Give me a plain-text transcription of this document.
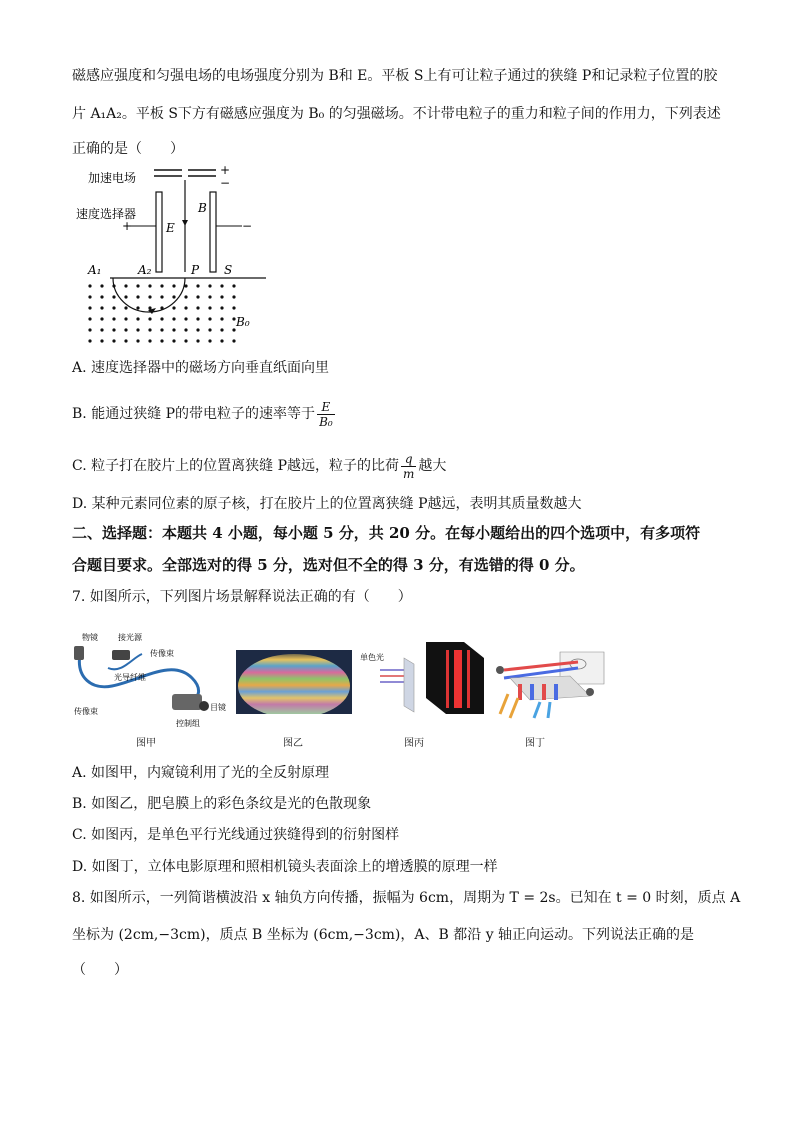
磁感应强度和匀强电场的电场强度分别为 B和 E。平板 S上有可让粒子通过的狭缝 P和记录粒子位置的胶
片 A₁A₂。平板 S下方有磁感应强度为 B₀ 的匀强磁场。不计带电粒子的重力和粒子间的作用力，下列表述
正确的是（　　）
+
−
加速电场
+	−
速度选择器	B
E
A₁	A₂	P S
B₀
A. 速度选择器中的磁场方向垂直纸面向里
B. 能通过狭缝 P的带电粒子的速率等于 $\frac{E}{\text{B₀}}$
C. 粒子打在胶片上的位置离狭缝 P越远，粒子的比荷 $\frac{q}{m}$ 越大
D. 某种元素同位素的原子核，打在胶片上的位置离狭缝 P越远，表明其质量数越大
二、选择题：本题共 4 小题，每小题 5 分，共 20 分。在每小题给出的四个选项中，有多项符
合题目要求。全部选对的得 5 分，选对但不全的得 3 分，有选错的得 0 分。
7. 如图所示，下列图片场景解释说法正确的有（　　）
物镜	接光源
传像束
光导纤维
传像束	目镜
控制组
图甲	图乙
单色光
图丙	图丁
A. 如图甲，内窥镜利用了光的全反射原理
B. 如图乙，肥皂膜上的彩色条纹是光的色散现象
C. 如图丙，是单色平行光线通过狭缝得到的衍射图样
D. 如图丁，立体电影原理和照相机镜头表面涂上的增透膜的原理一样
8. 如图所示，一列简谐横波沿 x 轴负方向传播，振幅为 6cm，周期为 T = 2s。已知在 t = 0 时刻，质点 A
坐标为 (2cm,−3cm)，质点 B 坐标为 (6cm,−3cm)，A、B 都沿 y 轴正向运动。下列说法正确的是
（　　）
